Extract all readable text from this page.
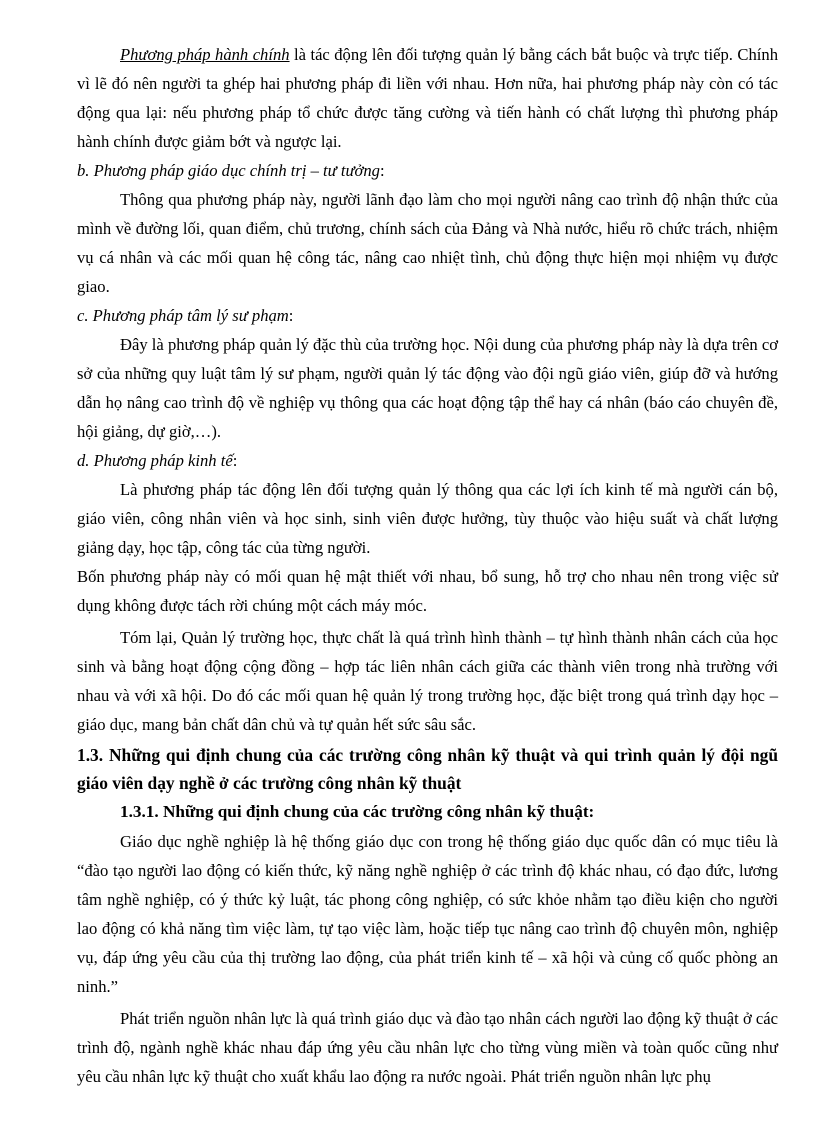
Phương pháp hành chính là tác động lên đối tượng quản lý bằng cách bắt buộc và trực tiếp. Chính vì lẽ đó nên người ta ghép hai phương pháp đi liền với nhau. Hơn nữa, hai phương pháp này còn có tác động qua lại: nếu phương pháp tổ chức được tăng cường và tiến hành có chất lượng thì phương pháp hành chính được giảm bớt và ngược lại.

b. Phương pháp giáo dục chính trị – tư tưởng:

Thông qua phương pháp này, người lãnh đạo làm cho mọi người nâng cao trình độ nhận thức của mình về đường lối, quan điểm, chủ trương, chính sách của Đảng và Nhà nước, hiểu rõ chức trách, nhiệm vụ cá nhân và các mối quan hệ công tác, nâng cao nhiệt tình, chủ động thực hiện mọi nhiệm vụ được giao.

c. Phương pháp tâm lý sư phạm:

Đây là phương pháp quản lý đặc thù của trường học. Nội dung của phương pháp này là dựa trên cơ sở của những quy luật tâm lý sư phạm, người quản lý tác động vào đội ngũ giáo viên, giúp đỡ và hướng dẫn họ nâng cao trình độ về nghiệp vụ thông qua các hoạt động tập thể hay cá nhân (báo cáo chuyên đề, hội giảng, dự giờ,…).

d. Phương pháp kinh tế:

Là phương pháp tác động lên đối tượng quản lý thông qua các lợi ích kinh tế mà người cán bộ, giáo viên, công nhân viên và học sinh, sinh viên được hưởng, tùy thuộc vào hiệu suất và chất lượng giảng dạy, học tập, công tác của từng người.

Bốn phương pháp này có mối quan hệ mật thiết với nhau, bổ sung, hỗ trợ cho nhau nên trong việc sử dụng không được tách rời chúng một cách máy móc.

Tóm lại, Quản lý trường học, thực chất là quá trình hình thành – tự hình thành nhân cách của học sinh và bằng hoạt động cộng đồng – hợp tác liên nhân cách giữa các thành viên trong nhà trường với nhau và với xã hội. Do đó các mối quan hệ quản lý trong trường học, đặc biệt trong quá trình dạy học – giáo dục, mang bản chất dân chủ và tự quản hết sức sâu sắc.

1.3. Những qui định chung của các trường công nhân kỹ thuật và qui trình quản lý đội ngũ giáo viên dạy nghề ở các trường công nhân kỹ thuật

1.3.1. Những qui định chung của các trường công nhân kỹ thuật:

Giáo dục nghề nghiệp là hệ thống giáo dục con trong hệ thống giáo dục quốc dân có mục tiêu là “đào tạo người lao động có kiến thức, kỹ năng nghề nghiệp ở các trình độ khác nhau, có đạo đức, lương tâm nghề nghiệp, có ý thức kỷ luật, tác phong công nghiệp, có sức khỏe nhằm tạo điều kiện cho người lao động có khả năng tìm việc làm, tự tạo việc làm, hoặc tiếp tục nâng cao trình độ chuyên môn, nghiệp vụ, đáp ứng yêu cầu của thị trường lao động, của phát triển kinh tế – xã hội và củng cố quốc phòng an ninh.”

Phát triển nguồn nhân lực là quá trình giáo dục và đào tạo nhân cách người lao động kỹ thuật ở các trình độ, ngành nghề khác nhau đáp ứng yêu cầu nhân lực cho từng vùng miền và toàn quốc cũng như yêu cầu nhân lực kỹ thuật cho xuất khẩu lao động ra nước ngoài. Phát triển nguồn nhân lực phụ
